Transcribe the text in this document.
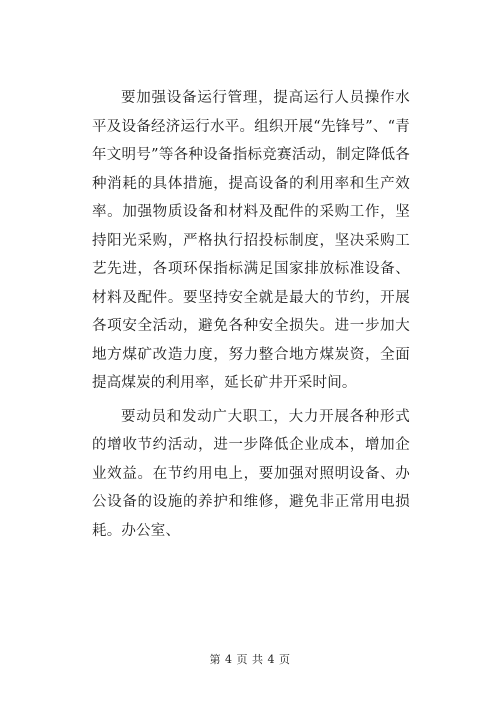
要加强设备运行管理，提高运行人员操作水平及设备经济运行水平。组织开展“先锋号”、“青年文明号”等各种设备指标竞赛活动，制定降低各种消耗的具体措施，提高设备的利用率和生产效率。加强物质设备和材料及配件的采购工作，坚持阳光采购，严格执行招投标制度，坚决采购工艺先进，各项环保指标满足国家排放标准设备、材料及配件。要坚持安全就是最大的节约，开展各项安全活动，避免各种安全损失。进一步加大地方煤矿改造力度，努力整合地方煤炭资，全面提高煤炭的利用率，延长矿井开采时间。

要动员和发动广大职工，大力开展各种形式的增收节约活动，进一步降低企业成本，增加企业效益。在节约用电上，要加强对照明设备、办公设备的设施的养护和维修，避免非正常用电损耗。办公室、

第 4 页 共 4 页
